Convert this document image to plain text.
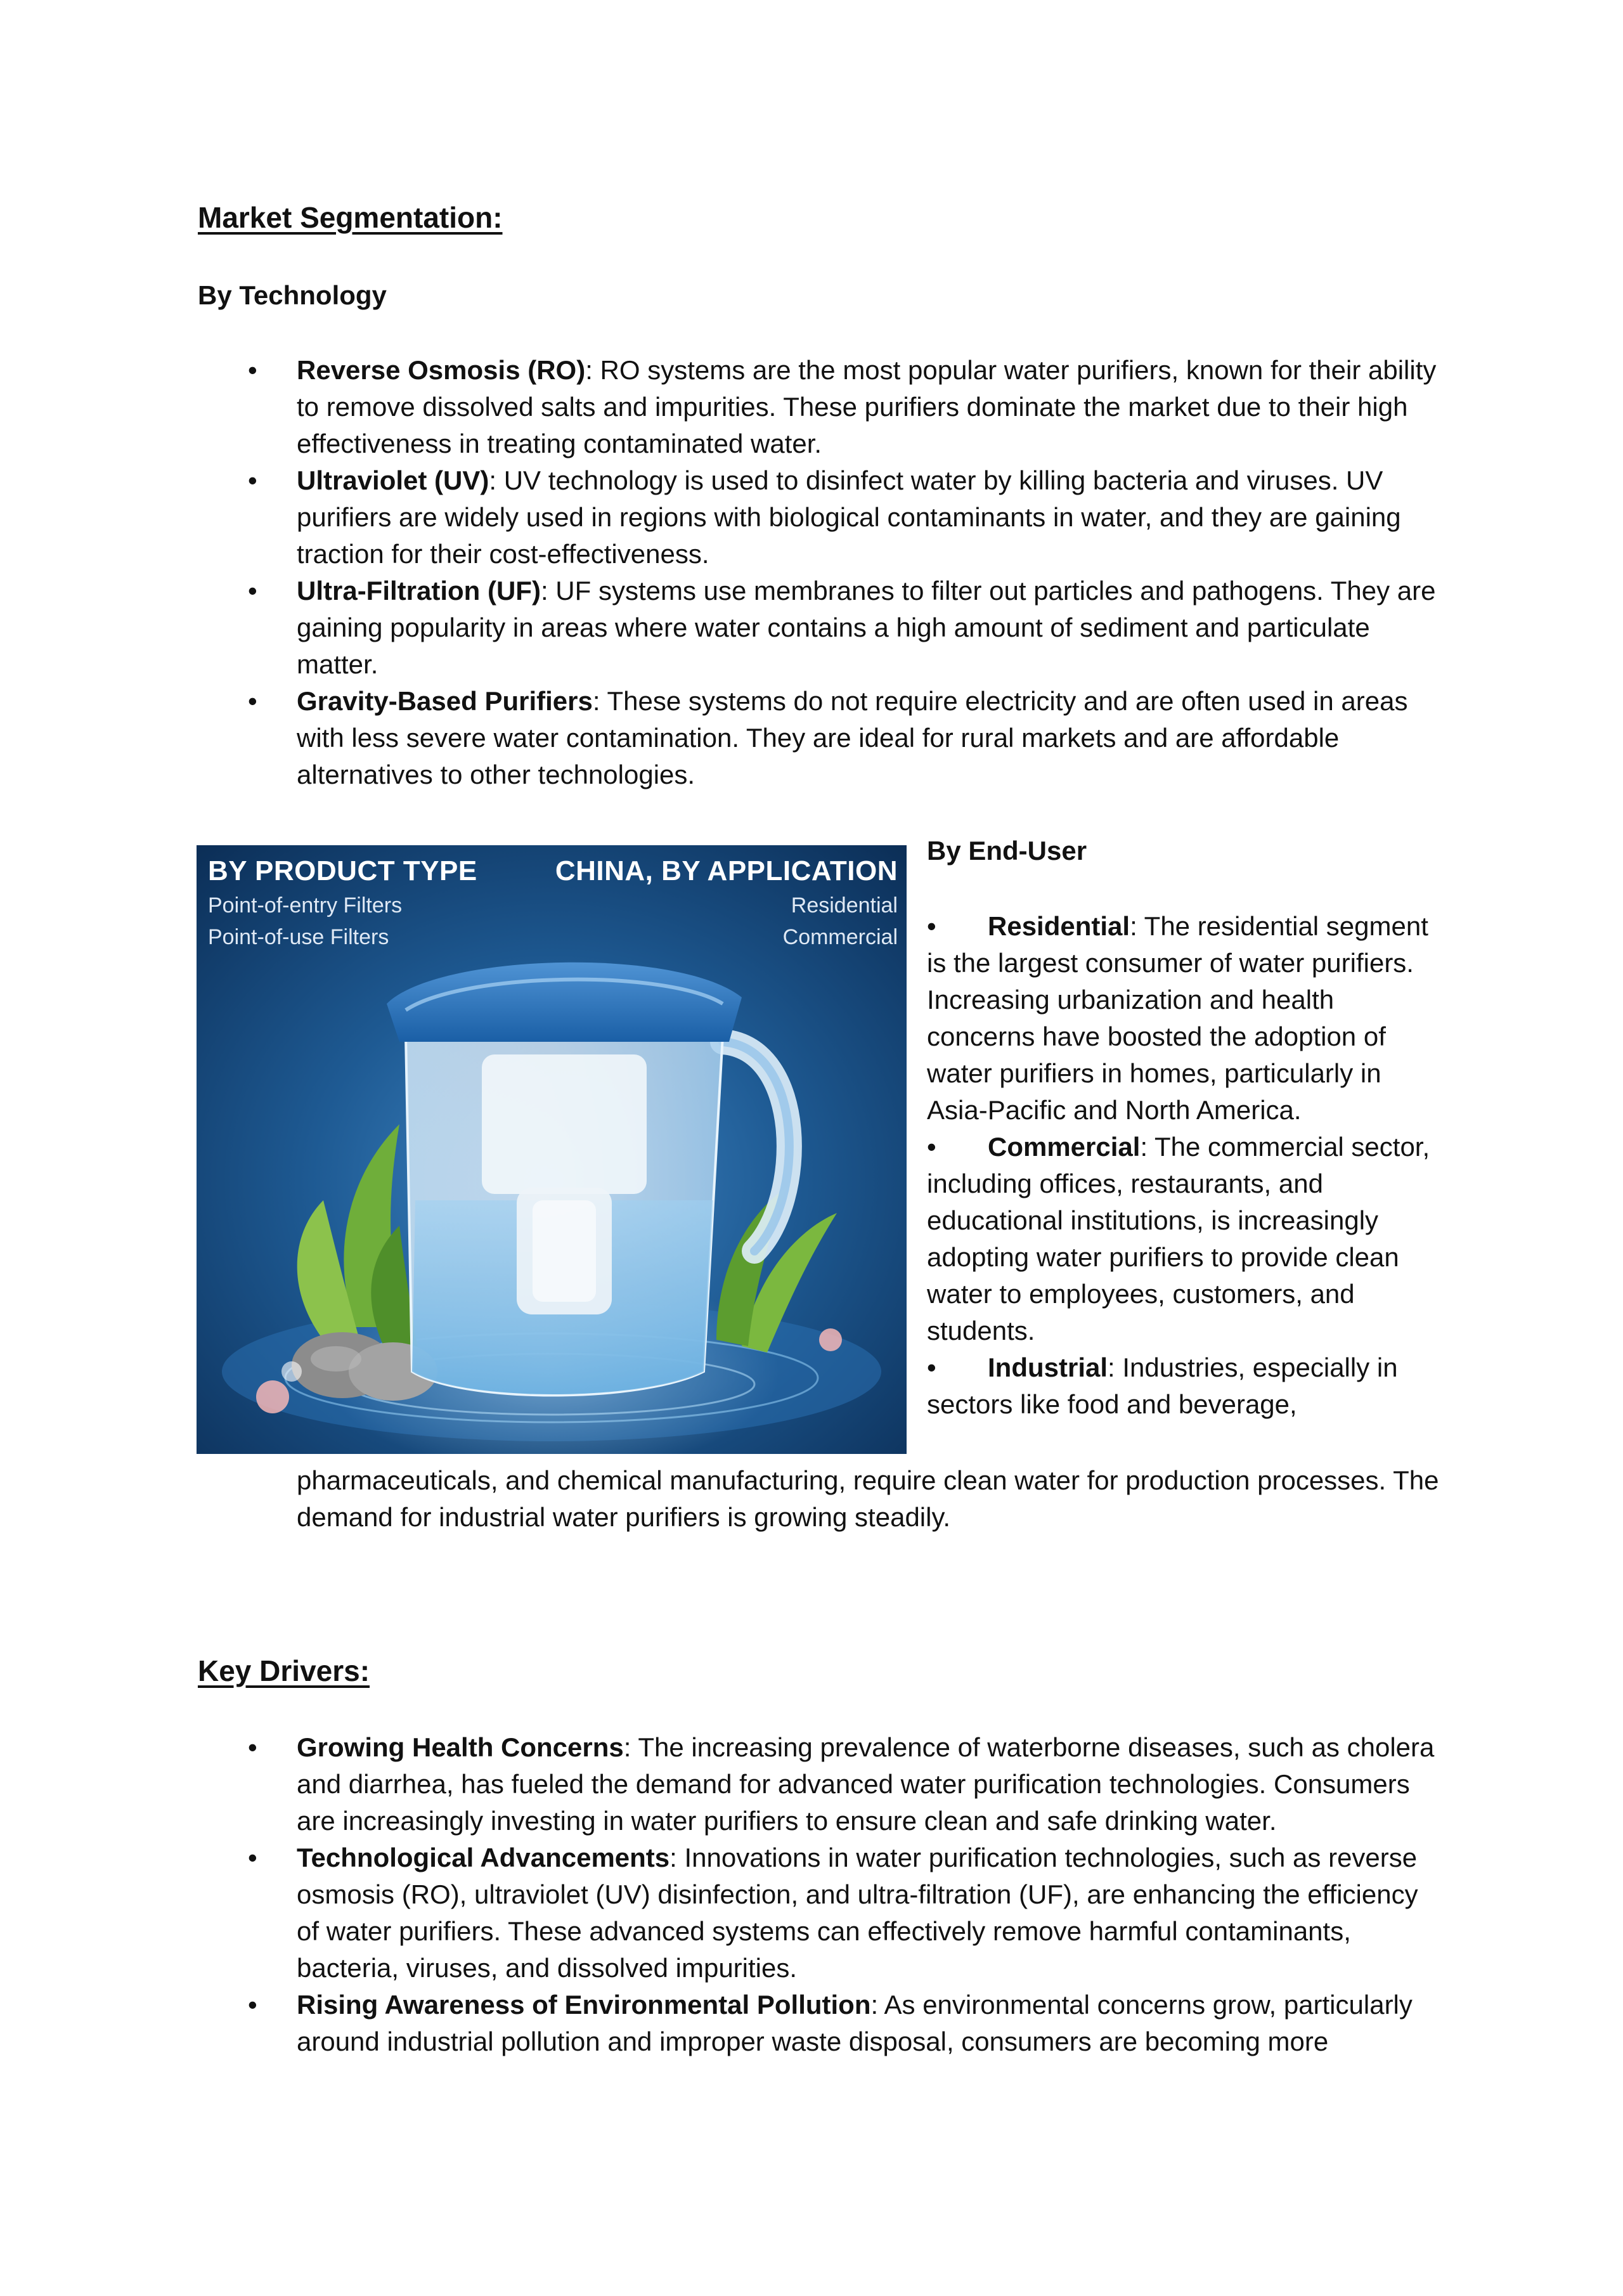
Market Segmentation:
By Technology
• Reverse Osmosis (RO): RO systems are the most popular water purifiers, known for their ability to remove dissolved salts and impurities. These purifiers dominate the market due to their high effectiveness in treating contaminated water.
• Ultraviolet (UV): UV technology is used to disinfect water by killing bacteria and viruses. UV purifiers are widely used in regions with biological contaminants in water, and they are gaining traction for their cost-effectiveness.
• Ultra-Filtration (UF): UF systems use membranes to filter out particles and pathogens. They are gaining popularity in areas where water contains a high amount of sediment and particulate matter.
• Gravity-Based Purifiers: These systems do not require electricity and are often used in areas with less severe water contamination. They are ideal for rural markets and are affordable alternatives to other technologies.
BY PRODUCT TYPE
Point-of-entry Filters
Point-of-use Filters
CHINA, BY APPLICATION
Residential
Commercial
By End-User
• Residential: The residential segment is the largest consumer of water purifiers. Increasing urbanization and health concerns have boosted the adoption of water purifiers in homes, particularly in Asia-Pacific and North America.
• Commercial: The commercial sector, including offices, restaurants, and educational institutions, is increasingly adopting water purifiers to provide clean water to employees, customers, and students.
• Industrial: Industries, especially in sectors like food and beverage,

pharmaceuticals, and chemical manufacturing, require clean water for production processes. The demand for industrial water purifiers is growing steadily.

Key Drivers:
• Growing Health Concerns: The increasing prevalence of waterborne diseases, such as cholera and diarrhea, has fueled the demand for advanced water purification technologies. Consumers are increasingly investing in water purifiers to ensure clean and safe drinking water.
• Technological Advancements: Innovations in water purification technologies, such as reverse osmosis (RO), ultraviolet (UV) disinfection, and ultra-filtration (UF), are enhancing the efficiency of water purifiers. These advanced systems can effectively remove harmful contaminants, bacteria, viruses, and dissolved impurities.
• Rising Awareness of Environmental Pollution: As environmental concerns grow, particularly around industrial pollution and improper waste disposal, consumers are becoming more
